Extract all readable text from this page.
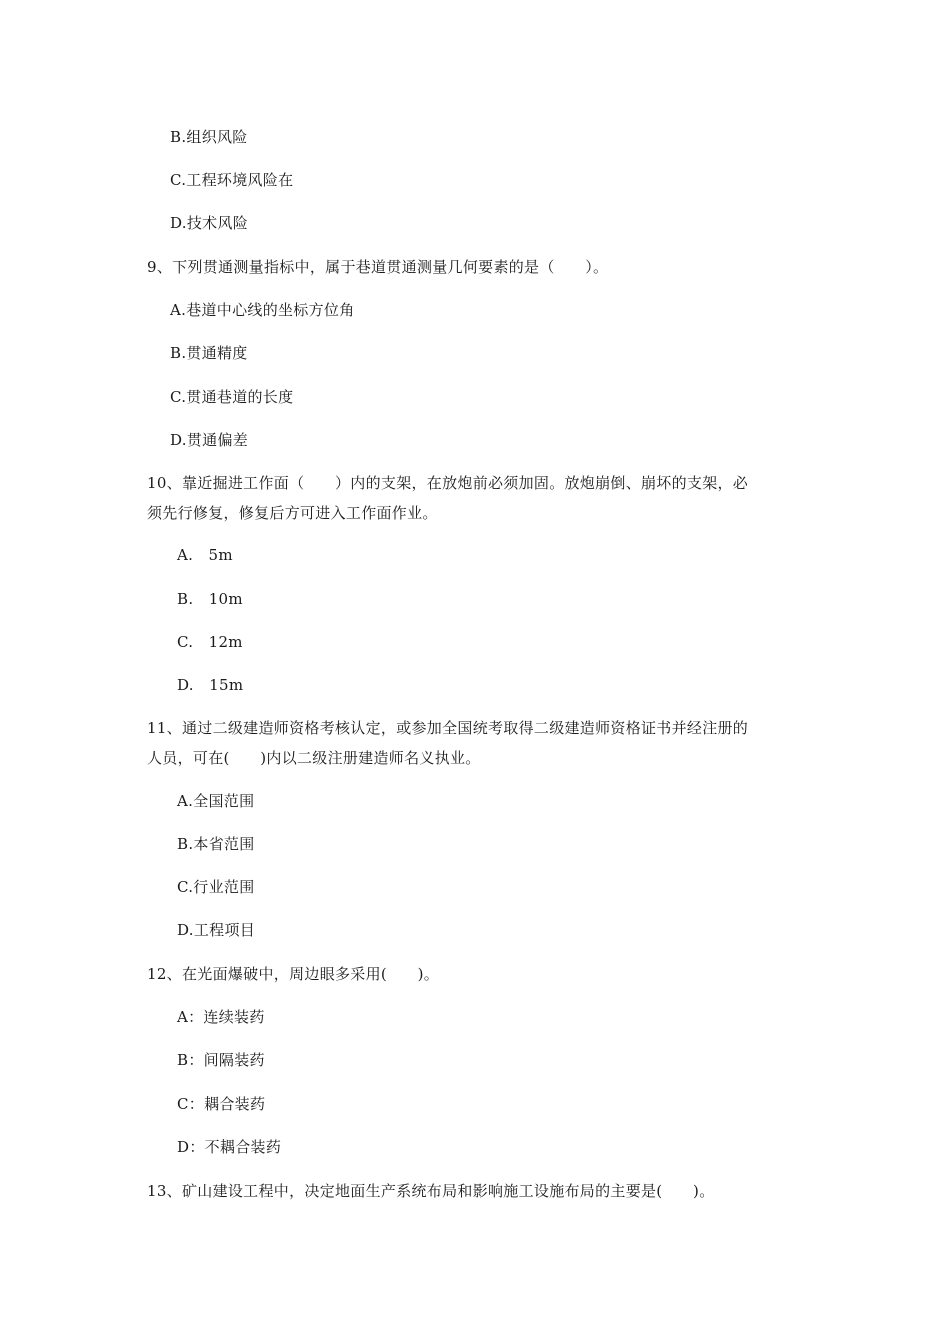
B.组织风险
C.工程环境风险在
D.技术风险
9、下列贯通测量指标中，属于巷道贯通测量几何要素的是（　　）。
A.巷道中心线的坐标方位角
B.贯通精度
C.贯通巷道的长度
D.贯通偏差
10、靠近掘进工作面（　　）内的支架，在放炮前必须加固。放炮崩倒、崩坏的支架，必
须先行修复，修复后方可进入工作面作业。
A.　5m
B.　10m
C.　12m
D.　15m
11、通过二级建造师资格考核认定，或参加全国统考取得二级建造师资格证书并经注册的
人员，可在(　　)内以二级注册建造师名义执业。
A.全国范围
B.本省范围
C.行业范围
D.工程项目
12、在光面爆破中，周边眼多采用(　　)。
A：连续装药
B：间隔装药
C：耦合装药
D：不耦合装药
13、矿山建设工程中，决定地面生产系统布局和影响施工设施布局的主要是(　　)。
